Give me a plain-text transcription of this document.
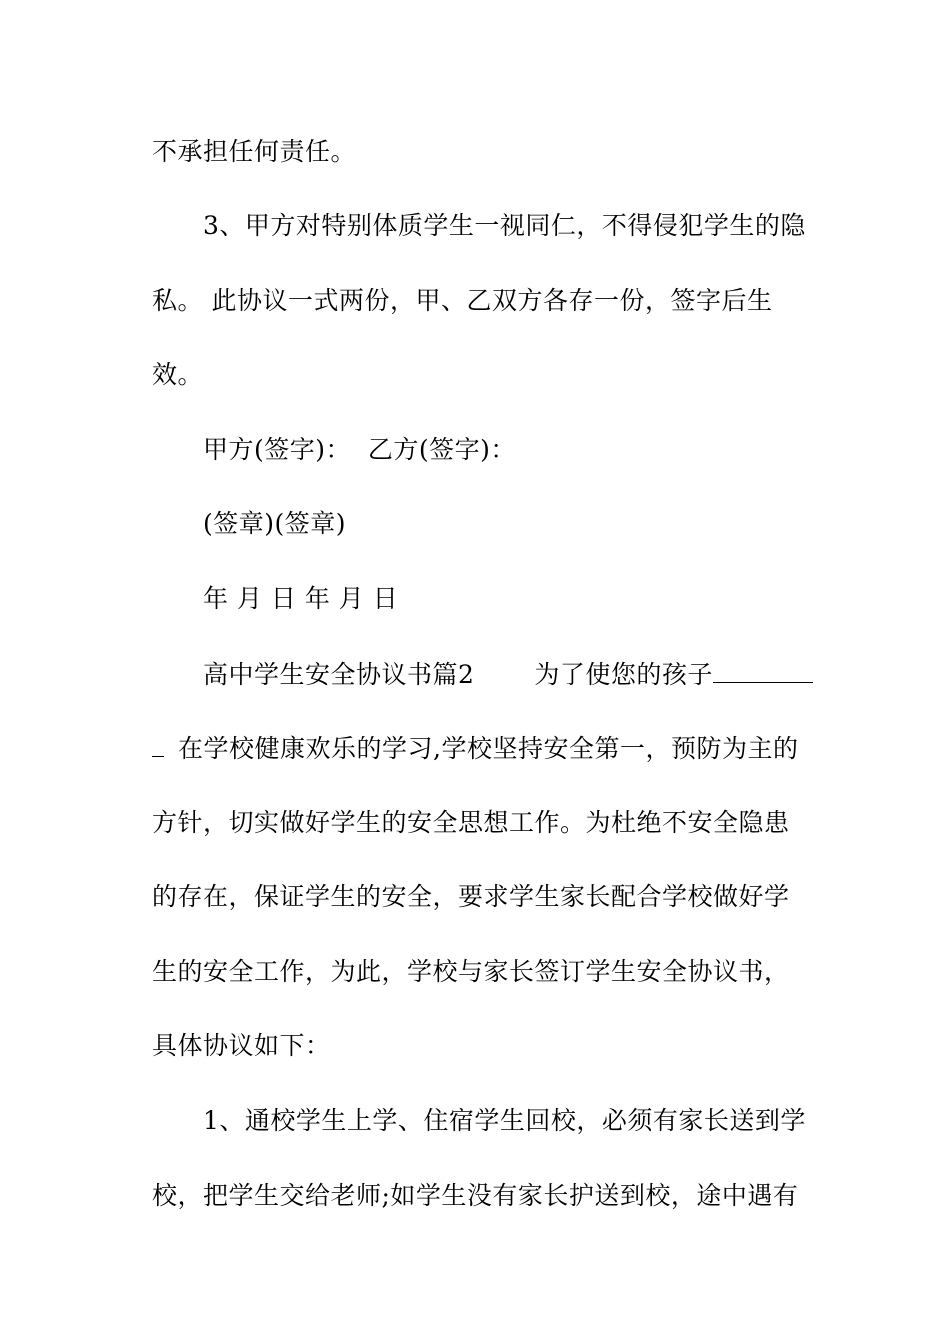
不承担任何责任。
3、甲方对特别体质学生一视同仁，不得侵犯学生的隐
私。 此协议一式两份，甲、乙双方各存一份，签字后生
效。
甲方(签字)：  乙方(签字)：
(签章)(签章)
年 月 日 年 月 日
高中学生安全协议书篇2 为了使您的孩子
在学校健康欢乐的学习,学校坚持安全第一，预防为主的
方针，切实做好学生的安全思想工作。为杜绝不安全隐患
的存在，保证学生的安全，要求学生家长配合学校做好学
生的安全工作，为此，学校与家长签订学生安全协议书，
具体协议如下：
1、通校学生上学、住宿学生回校，必须有家长送到学
校，把学生交给老师;如学生没有家长护送到校，途中遇有
